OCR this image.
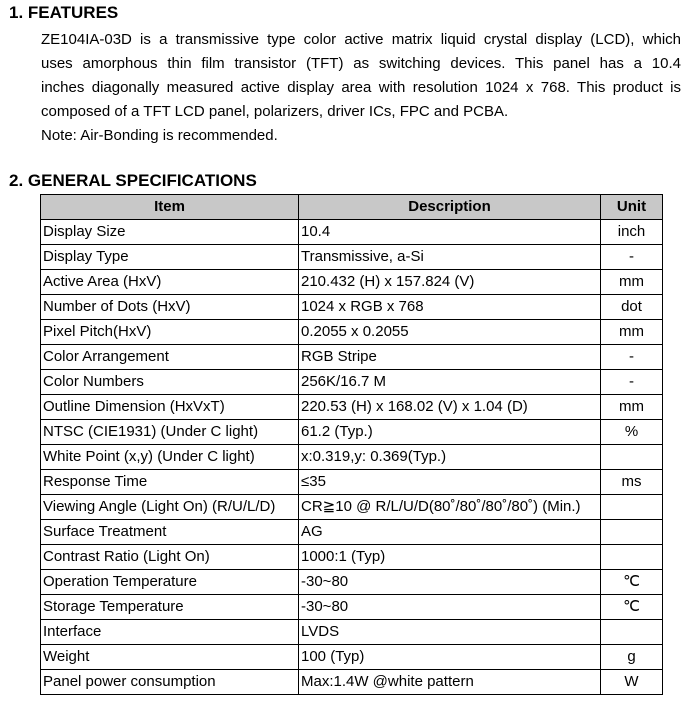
1. FEATURES

ZE104IA-03D is a transmissive type color active matrix liquid crystal display (LCD), which
uses amorphous thin film transistor (TFT) as switching devices. This panel has a 10.4
inches diagonally measured active display area with resolution 1024 x 768. This product is
composed of a TFT LCD panel, polarizers, driver ICs, FPC and PCBA.
Note: Air-Bonding is recommended.

2. GENERAL SPECIFICATIONS
Item	Description	Unit
Display Size	10.4	inch
Display Type	Transmissive, a-Si	-
Active Area (HxV)	210.432 (H) x 157.824 (V)	mm
Number of Dots (HxV)	1024 x RGB x 768	dot
Pixel Pitch(HxV)	0.2055 x 0.2055	mm
Color Arrangement	RGB Stripe	-
Color Numbers	256K/16.7 M	-
Outline Dimension (HxVxT)	220.53 (H) x 168.02 (V) x 1.04 (D)	mm
NTSC (CIE1931) (Under C light)	61.2 (Typ.)	%
White Point (x,y) (Under C light)	x:0.319,y: 0.369(Typ.)	
Response Time	≤35	ms
Viewing Angle (Light On) (R/U/L/D)	CR≧10 @ R/L/U/D(80˚/80˚/80˚/80˚) (Min.)	
Surface Treatment	AG	
Contrast Ratio (Light On)	1000:1 (Typ)	
Operation Temperature	-30~80	℃
Storage Temperature	-30~80	℃
Interface	LVDS	
Weight	100 (Typ)	g
Panel power consumption	Max:1.4W @white pattern	W
